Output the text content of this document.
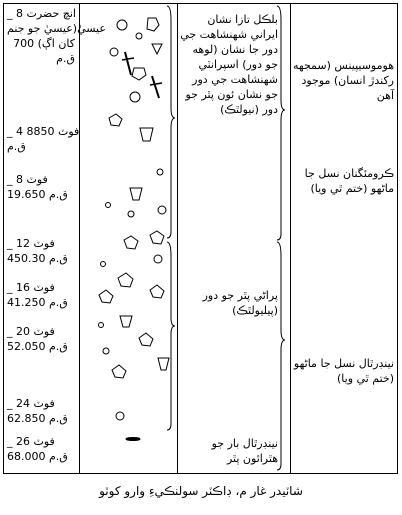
_ 8 انچ حضرت
عيسيٰ(عيسيٰ جو جنم
کان اڳ) 700
ق.م
_ 4 فوٽ 8850
ق.م
_ 8 فوٽ
19.650 ق.م
_ 12 فوٽ
450.30 ق.م
_ 16 فوٽ
41.250 ق.م
_ 20 فوٽ
52.050 ق.م
_ 24 فوٽ
62.850 ق.م
_ 26 فوٽ
68.000 ق.م
بلڪل تازا نشان ايراني شهنشاهت جي دور جا نشان (لوهه جو دور) اسپرانٽي شهنشاهت جي دور جو نشان ئون پٿر جو دور (نيولٿڪ)
پراڻي پٿر جو دور (پيليولٿڪ)
نينڊرٿال بار جو هٿرائون پٿر
هوموسيپينس (سمجهه رکندڙ انسان) موجود آهن
ڪرومئگنان نسل جا ماڻهو (ختم ٿي ويا)
نينڊرٿال نسل جا ماڻهو (ختم ٿي ويا)
شاٽيدر غار م، ڊاڪٽر سولنڪيءِ وارو کوٽو
